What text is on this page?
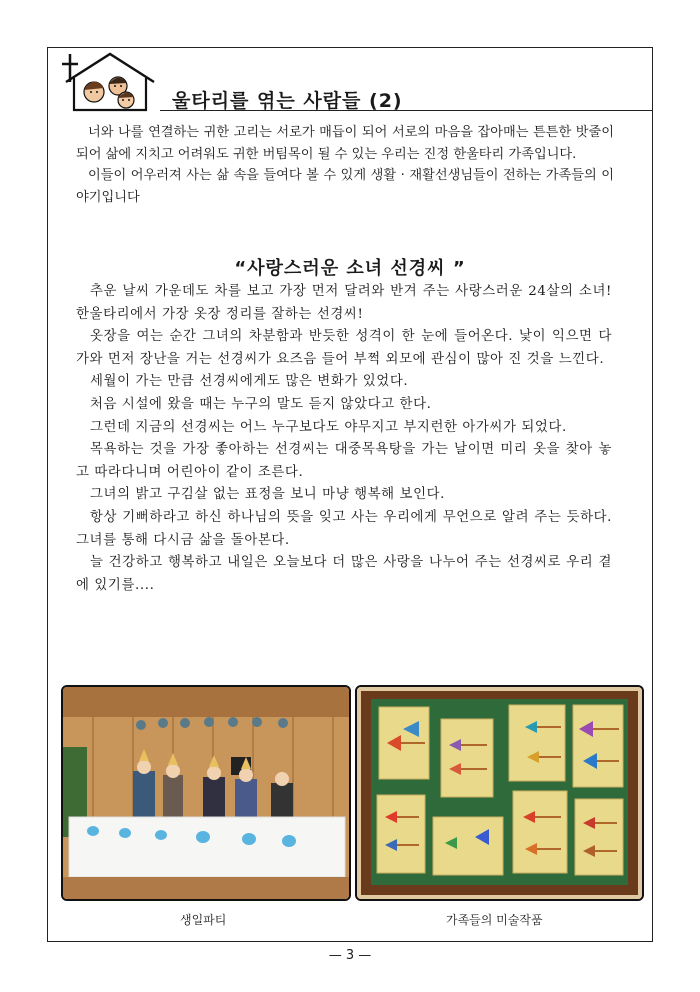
울타리를 엮는 사람들 (2)

너와 나를 연결하는 귀한 고리는 서로가 매듭이 되어 서로의 마음을 잡아매는 튼튼한 밧줄이 되어 삶에 지치고 어려워도 귀한 버팀목이 될 수 있는 우리는 진정 한울타리 가족입니다.

이들이 어우러져 사는 삶 속을 들여다 볼 수 있게 생활 · 재활선생님들이 전하는 가족들의 이야기입니다

“사랑스러운 소녀 선경씨 ”

추운 날씨 가운데도 차를 보고 가장 먼저 달려와 반겨 주는 사랑스러운 24살의 소녀! 한울타리에서 가장 옷장 정리를 잘하는 선경씨!

옷장을 여는 순간 그녀의 차분함과 반듯한 성격이 한 눈에 들어온다. 낯이 익으면 다가와 먼저 장난을 거는 선경씨가 요즈음 들어 부쩍 외모에 관심이 많아 진 것을 느낀다.

세월이 가는 만큼 선경씨에게도 많은 변화가 있었다.

처음 시설에 왔을 때는 누구의 말도 듣지 않았다고 한다.

그런데 지금의 선경씨는 어느 누구보다도 야무지고 부지런한 아가씨가 되었다.

목욕하는 것을 가장 좋아하는 선경씨는 대중목욕탕을 가는 날이면 미리 옷을 찾아 놓고 따라다니며 어린아이 같이 조른다.

그녀의 밝고 구김살 없는 표정을 보니 마냥 행복해 보인다.

항상 기뻐하라고 하신 하나님의 뜻을 잊고 사는 우리에게 무언으로 알려 주는 듯하다. 그녀를 통해 다시금 삶을 돌아본다.

늘 건강하고 행복하고 내일은 오늘보다 더 많은 사랑을 나누어 주는 선경씨로 우리 곁에 있기를....

생일파티	가족들의 미술작품
— 3 —
